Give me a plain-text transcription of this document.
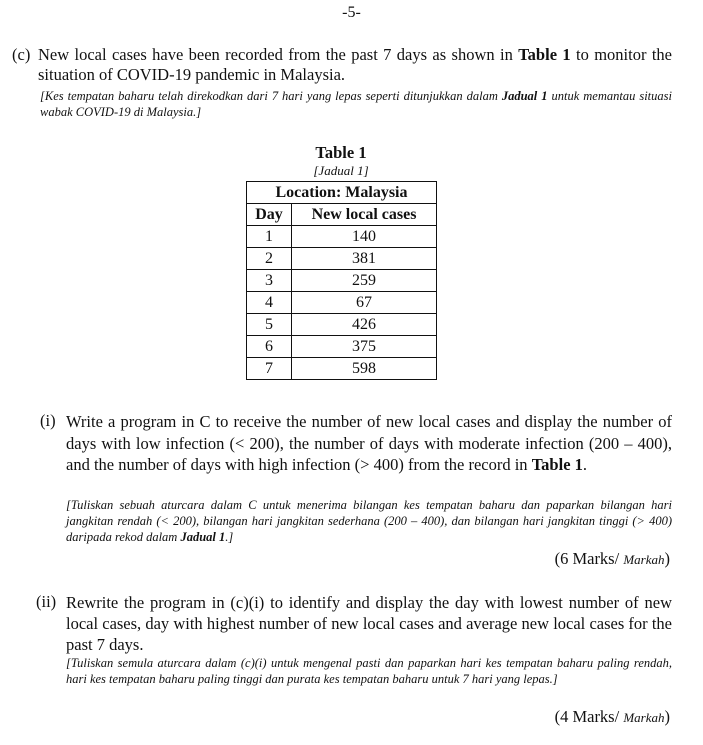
-5-
(c) New local cases have been recorded from the past 7 days as shown in Table 1 to monitor the situation of COVID-19 pandemic in Malaysia.
[Kes tempatan baharu telah direkodkan dari 7 hari yang lepas seperti ditunjukkan dalam Jadual 1 untuk memantau situasi wabak COVID-19 di Malaysia.]
Table 1
[Jadual 1]
Location: Malaysia	
Day	New local cases
1	140
2	381
3	259
4	67
5	426
6	375
7	598
(i) Write a program in C to receive the number of new local cases and display the number of days with low infection (< 200), the number of days with moderate infection (200 – 400), and the number of days with high infection (> 400) from the record in Table 1.
[Tuliskan sebuah aturcara dalam C untuk menerima bilangan kes tempatan baharu dan paparkan bilangan hari jangkitan rendah (< 200), bilangan hari jangkitan sederhana (200 – 400), dan bilangan hari jangkitan tinggi (> 400) daripada rekod dalam Jadual 1.]
(6 Marks/ Markah)
(ii) Rewrite the program in (c)(i) to identify and display the day with lowest number of new local cases, day with highest number of new local cases and average new local cases for the past 7 days.
[Tuliskan semula aturcara dalam (c)(i) untuk mengenal pasti dan paparkan hari kes tempatan baharu paling rendah, hari kes tempatan baharu paling tinggi dan purata kes tempatan baharu untuk 7 hari yang lepas.]
(4 Marks/ Markah)
